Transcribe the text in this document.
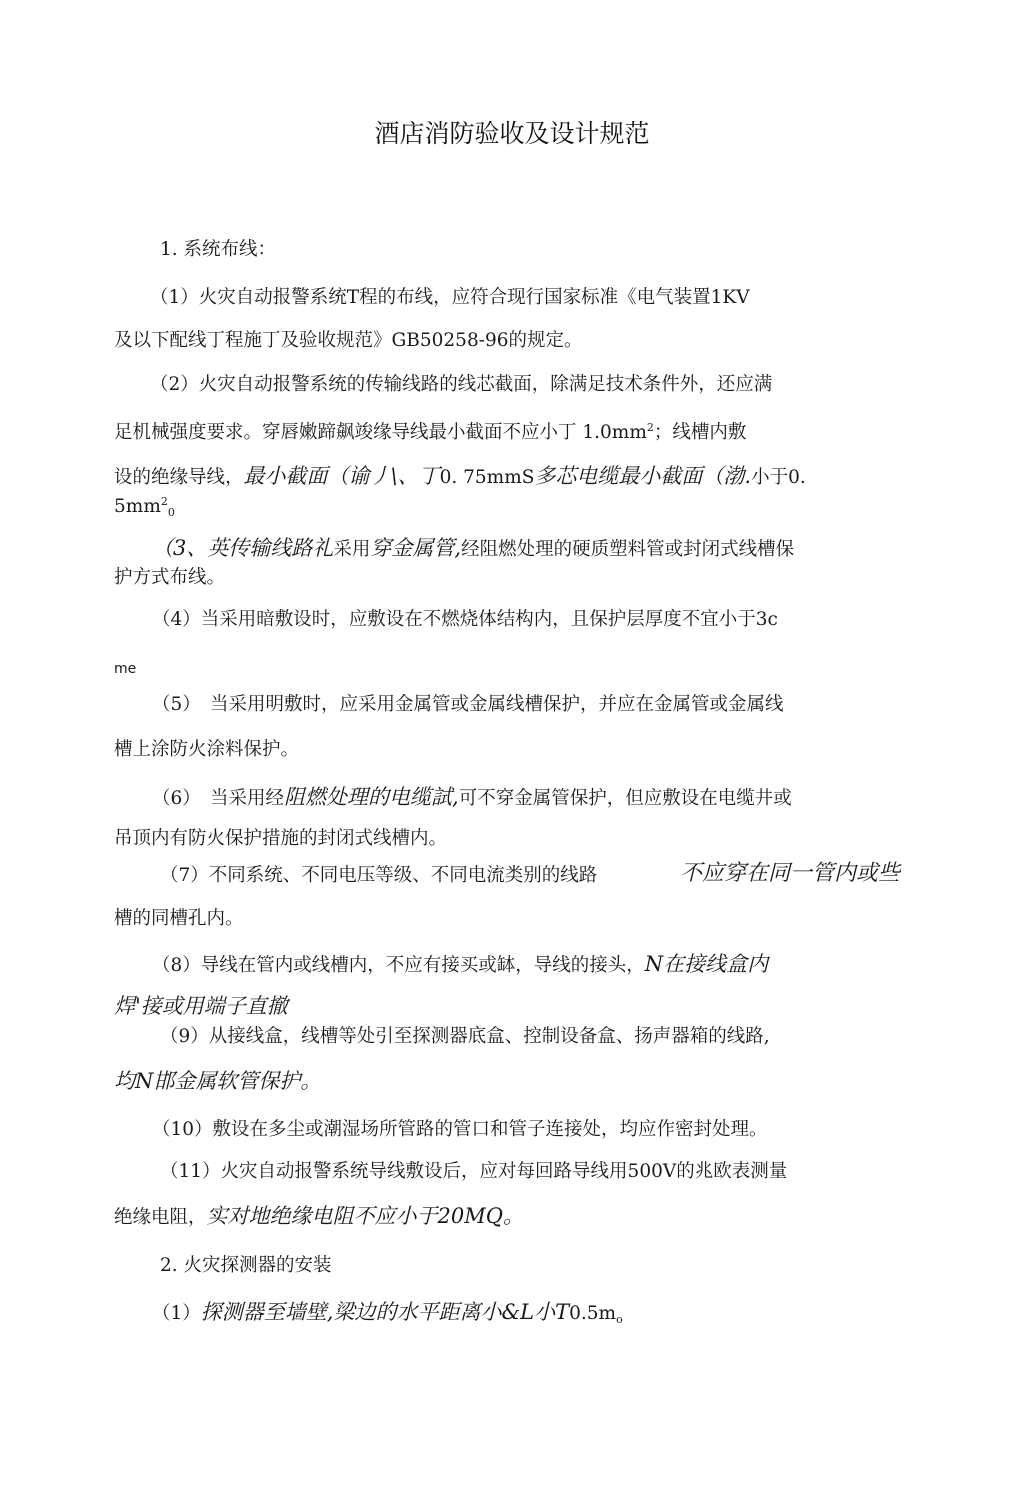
酒店消防验收及设计规范
1. 系统布线：
（1）火灾自动报警系统T程的布线，应符合现行国家标准《电气装置1KV
及以下配线丁程施丁及验收规范》GB50258-96的规定。
（2）火灾自动报警系统的传输线路的线芯截面，除满足技术条件外，还应满
足机械强度要求。穿唇嫩蹄飙竣缘导线最小截面不应小丁 $1.0mm^2$；线槽内敷
设的绝缘导线，最小截面（谕丿\、丁0. 75mmS多芯电缆最小截面（渤.小于0.
$5mm^2_0$
（3、英传输线路礼采用穿金属管,经阻燃处理的硬质塑料管或封闭式线槽保
护方式布线。
（4）当采用暗敷设时，应敷设在不燃烧体结构内，且保护层厚度不宜小于3c
me
（5）　当采用明敷时，应采用金属管或金属线槽保护，并应在金属管或金属线
槽上涂防火涂料保护。
（6）　当采用经阻燃处理的电缆試,可不穿金属管保护，但应敷设在电缆井或
吊顶内有防火保护措施的封闭式线槽内。
（7）不同系统、不同电压等级、不同电流类别的线路	不应穿在同一管内或些
槽的同槽孔内。
（8）导线在管内或线槽内，不应有接买或缽，导线的接头，N在接线盒内
焊'接或用端子直撤
（9）从接线盒，线槽等处引至探测器底盒、控制设备盒、扬声器箱的线路,
均N邯金属软管保护。
（10）敷设在多尘或潮湿场所管路的管口和管子连接处，均应作密封处理。
（11）火灾自动报警系统导线敷设后，应对每回路导线用500V的兆欧表测量
绝缘电阻，实对地绝缘电阻不应小于20MQ。
2. 火灾探测器的安装
（1）探测器至墙壁,梁边的水平距离小&L小$T0.5m_o$
